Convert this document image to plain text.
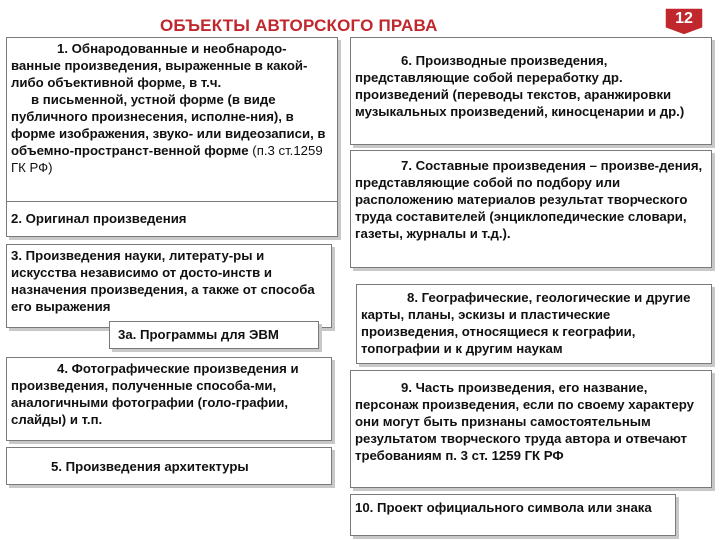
ОБЪЕКТЫ АВТОРСКОГО ПРАВА	12
1. Обнародованные и необнародо-ванные произведения, выраженные в какой-либо объективной форме, в т.ч.
в письменной, устной форме (в виде публичного произнесения, исполне-ния), в форме изображения, звуко- или видеозаписи, в объемно-пространст-венной форме (п.3 ст.1259 ГК РФ)
2. Оригинал произведения
3. Произведения науки, литерату-ры и искусства независимо от досто-инств и назначения произведения, а также от способа его выражения
3а. Программы для ЭВМ
4. Фотографические произведения и произведения, полученные способа-ми, аналогичными фотографии (голо-графии, слайды) и т.п.
5. Произведения архитектуры
6. Производные произведения, представляющие собой переработку др. произведений (переводы текстов, аранжировки музыкальных произведений, киносценарии и др.)
7. Составные произведения – произве-дения, представляющие собой по подбору или расположению материалов результат творческого труда составителей (энциклопедические словари, газеты, журналы и т.д.).
8. Географические, геологические и другие карты, планы, эскизы и пластические произведения, относящиеся к географии, топографии и к другим наукам
9. Часть произведения, его название, персонаж произведения, если по своему характеру они могут быть признаны самостоятельным результатом творческого труда автора и отвечают требованиям п. 3 ст. 1259 ГК РФ
10. Проект официального символа или знака
